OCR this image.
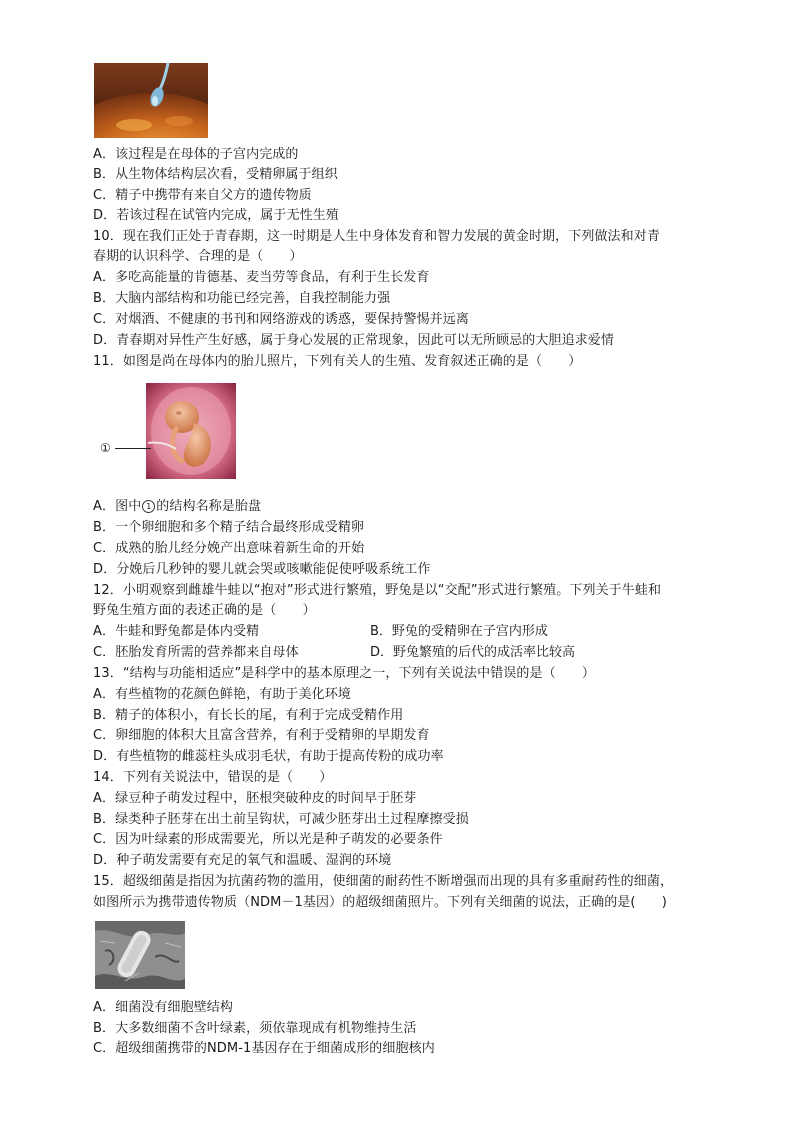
A．该过程是在母体的子宫内完成的
B．从生物体结构层次看，受精卵属于组织
C．精子中携带有来自父方的遗传物质
D．若该过程在试管内完成，属于无性生殖
10．现在我们正处于青春期，这一时期是人生中身体发育和智力发展的黄金时期，下列做法和对青
春期的认识科学、合理的是（　　）
A．多吃高能量的肯德基、麦当劳等食品，有利于生长发育
B．大脑内部结构和功能已经完善，自我控制能力强
C．对烟酒、不健康的书刊和网络游戏的诱惑，要保持警惕并远离
D．青春期对异性产生好感，属于身心发展的正常现象，因此可以无所顾忌的大胆追求爱情
11．如图是尚在母体内的胎儿照片，下列有关人的生殖、发育叙述正确的是（　　）
①
A．图中 1 的结构名称是胎盘
B．一个卵细胞和多个精子结合最终形成受精卵
C．成熟的胎儿经分娩产出意味着新生命的开始
D．分娩后几秒钟的婴儿就会哭或咳嗽能促使呼吸系统工作
12．小明观察到雌雄牛蛙以“抱对”形式进行繁殖，野兔是以“交配”形式进行繁殖。下列关于牛蛙和
野兔生殖方面的表述正确的是（　　）
A．牛蛙和野兔都是体内受精	B．野兔的受精卵在子宫内形成
C．胚胎发育所需的营养都来自母体	D．野兔繁殖的后代的成活率比较高
13．“结构与功能相适应”是科学中的基本原理之一，下列有关说法中错误的是（　　）
A．有些植物的花颜色鲜艳，有助于美化环境
B．精子的体积小，有长长的尾，有利于完成受精作用
C．卵细胞的体积大且富含营养，有利于受精卵的早期发育
D．有些植物的雌蕊柱头成羽毛状，有助于提高传粉的成功率
14．下列有关说法中，错误的是（　　）
A．绿豆种子萌发过程中，胚根突破种皮的时间早于胚芽
B．绿类种子胚芽在出土前呈钩状，可减少胚芽出土过程摩擦受损
C．因为叶绿素的形成需要光，所以光是种子萌发的必要条件
D．种子萌发需要有充足的氧气和温暖、湿润的环境
15．超级细菌是指因为抗菌药物的滥用，使细菌的耐药性不断增强而出现的具有多重耐药性的细菌，
如图所示为携带遗传物质（NDM－1基因）的超级细菌照片。下列有关细菌的说法，正确的是(　　)
A．细菌没有细胞壁结构
B．大多数细菌不含叶绿素，须依靠现成有机物维持生活
C．超级细菌携带的NDM-1基因存在于细菌成形的细胞核内
